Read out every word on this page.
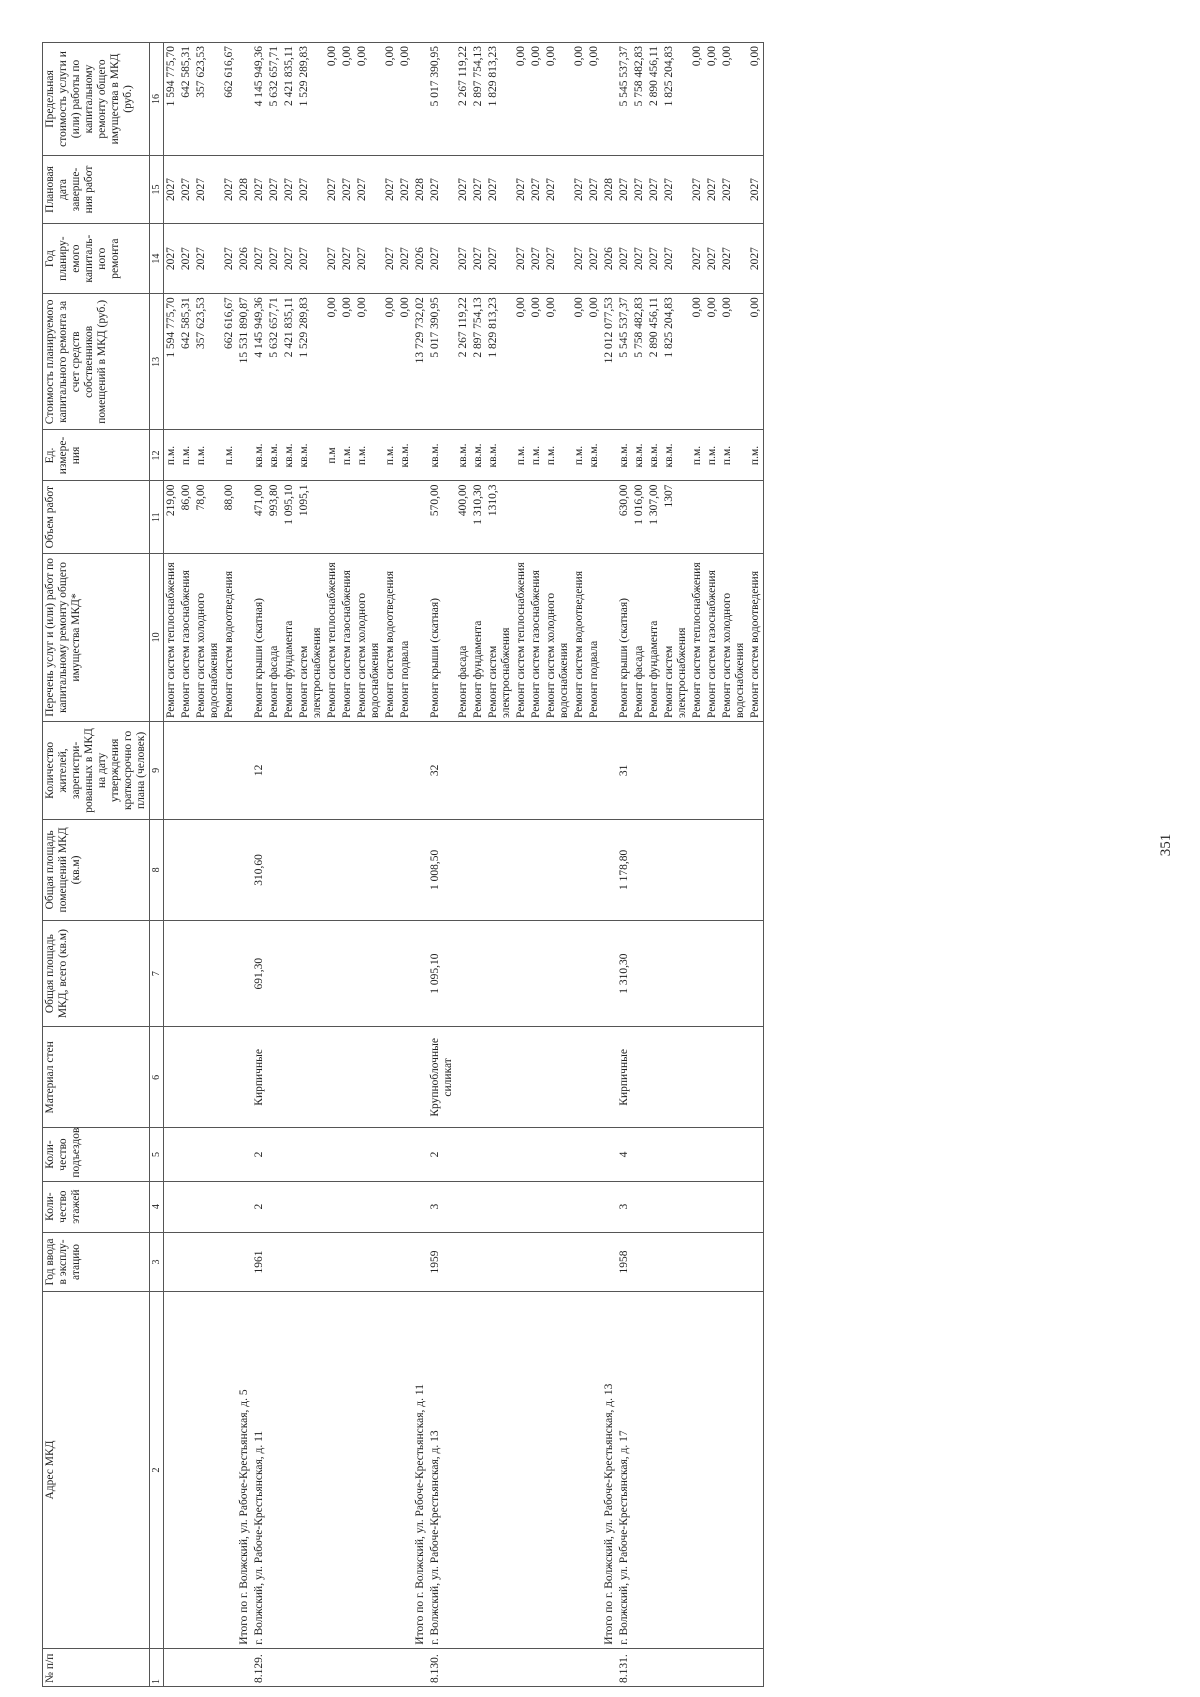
351
№ п/п	Адрес МКД	Год ввода в эксплу-атацию	Коли-чество этажей	Коли-чество подъездов	Материал стен	Общая площадь МКД, всего (кв.м)	Общая площадь помещений МКД (кв.м)	Количество жителей, зарегистри-рованных в МКД на дату утверждения краткосрочно го плана (человек)	Перечень услуг и (или) работ по капитальному ремонту общего имущества МКД*	Объем работ	Ед. измере-ния	Стоимость планируемого капитального ремонта за счет средств собственников помещений в МКД (руб.)	Год планиру-емого капиталь-ного ремонта	Плановая дата заверше-ния работ	Предельная стоимость услуги и (или) работы по капитальному ремонту общего имущества в МКД (руб.)
1	2	3	4	5	6	7	8	9	10	11	12	13	14	15	16
									Ремонт систем теплоснабжения	219,00	п.м.	1 594 775,70	2027	2027	1 594 775,70
									Ремонт систем газоснабжения	86,00	п.м.	642 585,31	2027	2027	642 585,31
									Ремонт систем холодного водоснабжения	78,00	п.м.	357 623,53	2027	2027	357 623,53
									Ремонт систем водоотведения	88,00	п.м.	662 616,67	2027	2027	662 616,67
	Итого по г. Волжский, ул. Рабоче-Крестьянская, д. 5											15 531 890,87	2026	2028	
8.129.	г. Волжский, ул. Рабоче-Крестьянская, д. 11	1961	2	2	Кирпичные	691,30	310,60	12	Ремонт крыши (скатная)	471,00	кв.м.	4 145 949,36	2027	2027	4 145 949,36
									Ремонт фасада	993,80	кв.м.	5 632 657,71	2027	2027	5 632 657,71
									Ремонт фундамента	1 095,10	кв.м.	2 421 835,11	2027	2027	2 421 835,11
									Ремонт систем электроснабжения	1095,1	кв.м.	1 529 289,83	2027	2027	1 529 289,83
									Ремонт систем теплоснабжения		п.м	0,00	2027	2027	0,00
									Ремонт систем газоснабжения		п.м.	0,00	2027	2027	0,00
									Ремонт систем холодного водоснабжения		п.м.	0,00	2027	2027	0,00
									Ремонт систем водоотведения		п.м.	0,00	2027	2027	0,00
									Ремонт подвала		кв.м.	0,00	2027	2027	0,00
	Итого по г. Волжский, ул. Рабоче-Крестьянская, д. 11											13 729 732,02	2026	2028	
8.130.	г. Волжский, ул. Рабоче-Крестьянская, д. 13	1959	3	2	Крупноблочные силикат	1 095,10	1 008,50	32	Ремонт крыши (скатная)	570,00	кв.м.	5 017 390,95	2027	2027	5 017 390,95
									Ремонт фасада	400,00	кв.м.	2 267 119,22	2027	2027	2 267 119,22
									Ремонт фундамента	1 310,30	кв.м.	2 897 754,13	2027	2027	2 897 754,13
									Ремонт систем электроснабжения	1310,3	кв.м.	1 829 813,23	2027	2027	1 829 813,23
									Ремонт систем теплоснабжения		п.м.	0,00	2027	2027	0,00
									Ремонт систем газоснабжения		п.м.	0,00	2027	2027	0,00
									Ремонт систем холодного водоснабжения		п.м.	0,00	2027	2027	0,00
									Ремонт систем водоотведения		п.м.	0,00	2027	2027	0,00
									Ремонт подвала		кв.м.	0,00	2027	2027	0,00
	Итого по г. Волжский, ул. Рабоче-Крестьянская, д. 13											12 012 077,53	2026	2028	
8.131.	г. Волжский, ул. Рабоче-Крестьянская, д. 17	1958	3	4	Кирпичные	1 310,30	1 178,80	31	Ремонт крыши (скатная)	630,00	кв.м.	5 545 537,37	2027	2027	5 545 537,37
									Ремонт фасада	1 016,00	кв.м.	5 758 482,83	2027	2027	5 758 482,83
									Ремонт фундамента	1 307,00	кв.м.	2 890 456,11	2027	2027	2 890 456,11
									Ремонт систем электроснабжения	1307	кв.м.	1 825 204,83	2027	2027	1 825 204,83
									Ремонт систем теплоснабжения		п.м.	0,00	2027	2027	0,00
									Ремонт систем газоснабжения		п.м.	0,00	2027	2027	0,00
									Ремонт систем холодного водоснабжения		п.м.	0,00	2027	2027	0,00
									Ремонт систем водоотведения		п.м.	0,00	2027	2027	0,00
